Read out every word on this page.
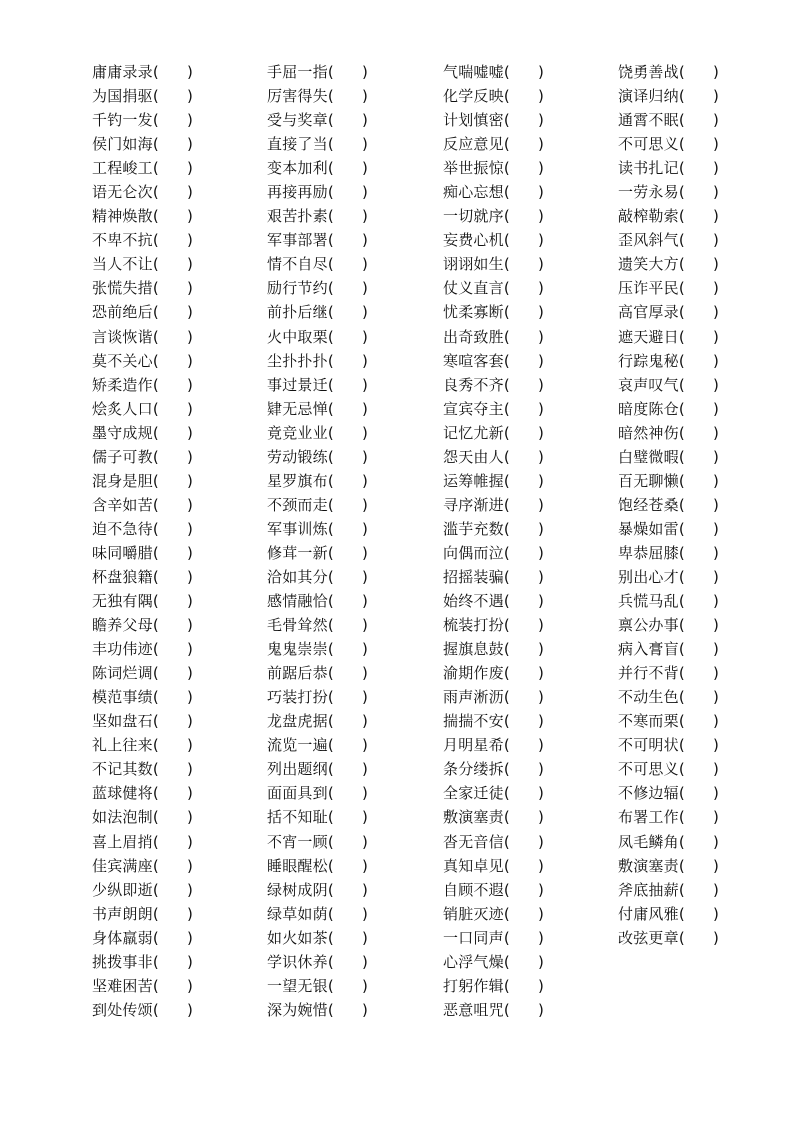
庸庸录录
( )
为国捐驱
( )
千钓一发
( )
侯门如海
( )
工程峻工
( )
语无仑次
( )
精神焕散
( )
不卑不抗
( )
当人不让
( )
张慌失措
( )
恐前绝后
( )
言谈恢谐
( )
莫不关心
( )
矫柔造作
( )
烩炙人口
( )
墨守成规
( )
儒子可教
( )
混身是胆
( )
含辛如苦
( )
迫不急待
( )
味同嚼腊
( )
杯盘狼籍
( )
无独有隅
( )
瞻养父母
( )
丰功伟迹
( )
陈词烂调
( )
模范事绩
( )
坚如盘石
( )
礼上往来
( )
不记其数
( )
蓝球健将
( )
如法泡制
( )
喜上眉捎
( )
佳宾满座
( )
少纵即逝
( )
书声朗朗
( )
身体羸弱
( )
挑拨事非
( )
坚难困苦
( )
到处传颂
( )
手屈一指
( )
厉害得失
( )
受与奖章
( )
直接了当
( )
变本加利
( )
再接再励
( )
艰苦扑素
( )
军事部署
( )
情不自尽
( )
励行节约
( )
前扑后继
( )
火中取栗
( )
尘扑扑扑
( )
事过景迁
( )
肄无忌惮
( )
竟竞业业
( )
劳动锻练
( )
星罗旗布
( )
不颈而走
( )
军事训炼
( )
修茸一新
( )
洽如其分
( )
感情融恰
( )
毛骨耸然
( )
鬼鬼崇崇
( )
前踞后恭
( )
巧装打扮
( )
龙盘虎据
( )
流览一遍
( )
列出题纲
( )
面面具到
( )
括不知耻
( )
不宵一顾
( )
睡眼醒松
( )
绿树成阴
( )
绿草如荫
( )
如火如茶
( )
学识休养
( )
一望无银
( )
深为婉惜
( )
气喘嘘嘘
( )
化学反映
( )
计划慎密
( )
反应意见
( )
举世振惊
( )
痴心忘想
( )
一切就序
( )
妄费心机
( )
诩诩如生
( )
仗义直言
( )
忧柔寡断
( )
出奇致胜
( )
寒喧客套
( )
良秀不齐
( )
宣宾夺主
( )
记忆尤新
( )
怨天由人
( )
运筹帷握
( )
寻序渐进
( )
滥芋充数
( )
向偶而泣
( )
招摇装骗
( )
始终不遇
( )
梳装打扮
( )
握旗息鼓
( )
渝期作废
( )
雨声淅沥
( )
揣揣不安
( )
月明星希
( )
条分缕拆
( )
全家迁徒
( )
敷演塞责
( )
沓无音信
( )
真知卓见
( )
自顾不遐
( )
销脏灭迹
( )
一口同声
( )
心浮气燥
( )
打躬作辑
( )
恶意咀咒
( )
饶勇善战
( )
演译归纳
( )
通霄不眠
( )
不可思义
( )
读书扎记
( )
一劳永易
( )
敲榨勒索
( )
歪风斜气
( )
遗笑大方
( )
压诈平民
( )
高官厚录
( )
遮天避日
( )
行踪鬼秘
( )
哀声叹气
( )
暗度陈仓
( )
暗然神伤
( )
白璧微暇
( )
百无聊懒
( )
饱经苍桑
( )
暴燥如雷
( )
卑恭屈膝
( )
别出心才
( )
兵慌马乱
( )
禀公办事
( )
病入膏盲
( )
并行不背
( )
不动生色
( )
不寒而栗
( )
不可明状
( )
不可思义
( )
不修边辐
( )
布署工作
( )
凤毛鳞角
( )
敷演塞责
( )
斧底抽薪
( )
付庸风雅
( )
改弦更章
( )
